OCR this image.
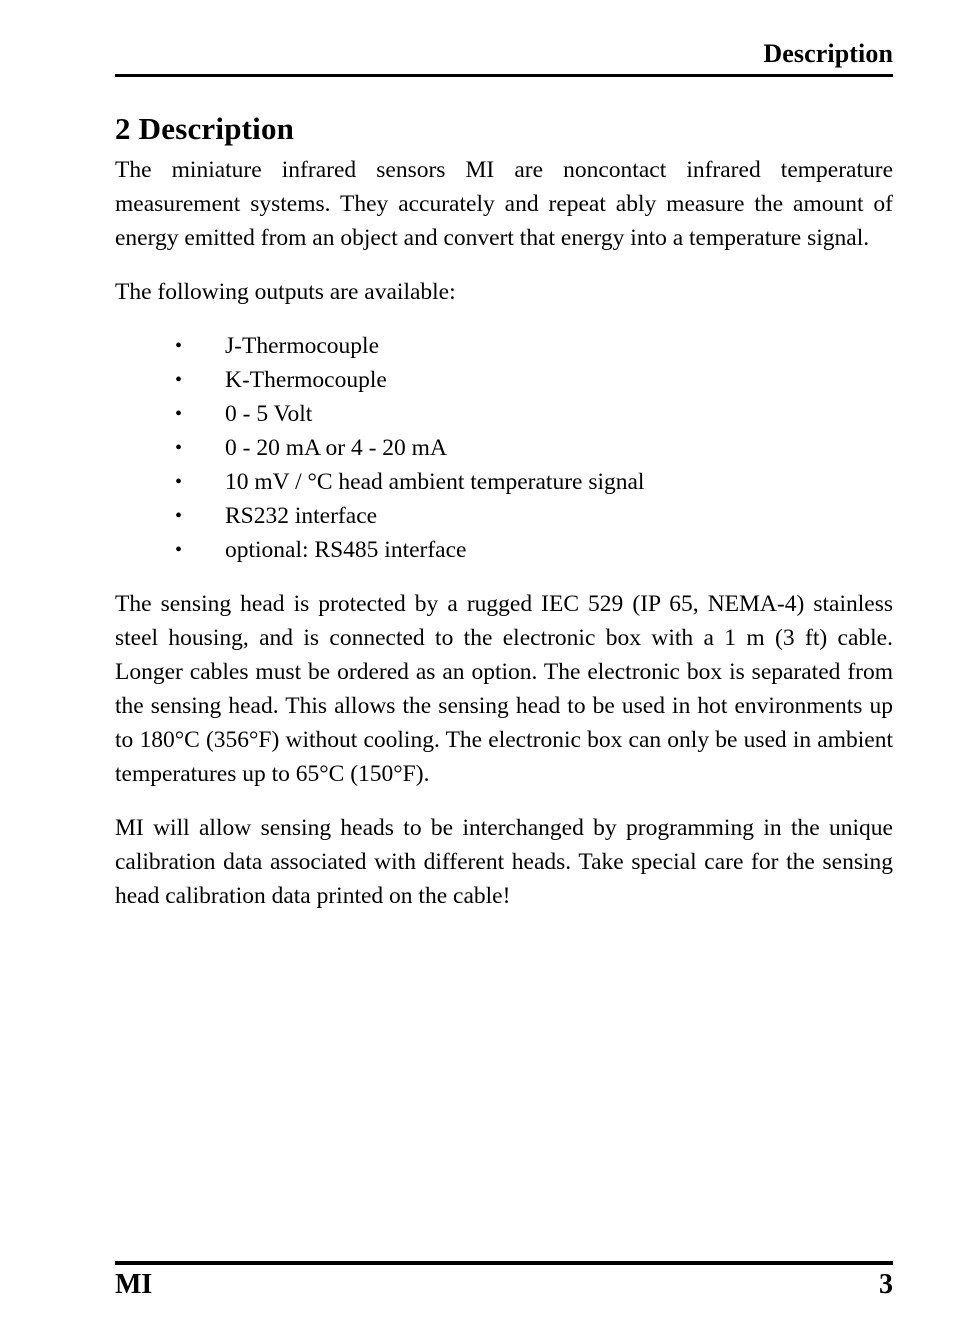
Description
2 Description

The miniature infrared sensors MI are noncontact infrared temperature measurement systems. They accurately and repeat ably measure the amount of energy emitted from an object and convert that energy into a temperature signal.

The following outputs are available:

• J-Thermocouple
• K-Thermocouple
• 0 - 5 Volt
• 0 - 20 mA or 4 - 20 mA
• 10 mV / °C head ambient temperature signal
• RS232 interface
• optional: RS485 interface

The sensing head is protected by a rugged IEC 529 (IP 65, NEMA-4) stainless steel housing, and is connected to the electronic box with a 1 m (3 ft) cable. Longer cables must be ordered as an option. The electronic box is separated from the sensing head. This allows the sensing head to be used in hot environments up to 180°C (356°F) without cooling. The electronic box can only be used in ambient temperatures up to 65°C (150°F).

MI will allow sensing heads to be interchanged by programming in the unique calibration data associated with different heads. Take special care for the sensing head calibration data printed on the cable!

MI	3
